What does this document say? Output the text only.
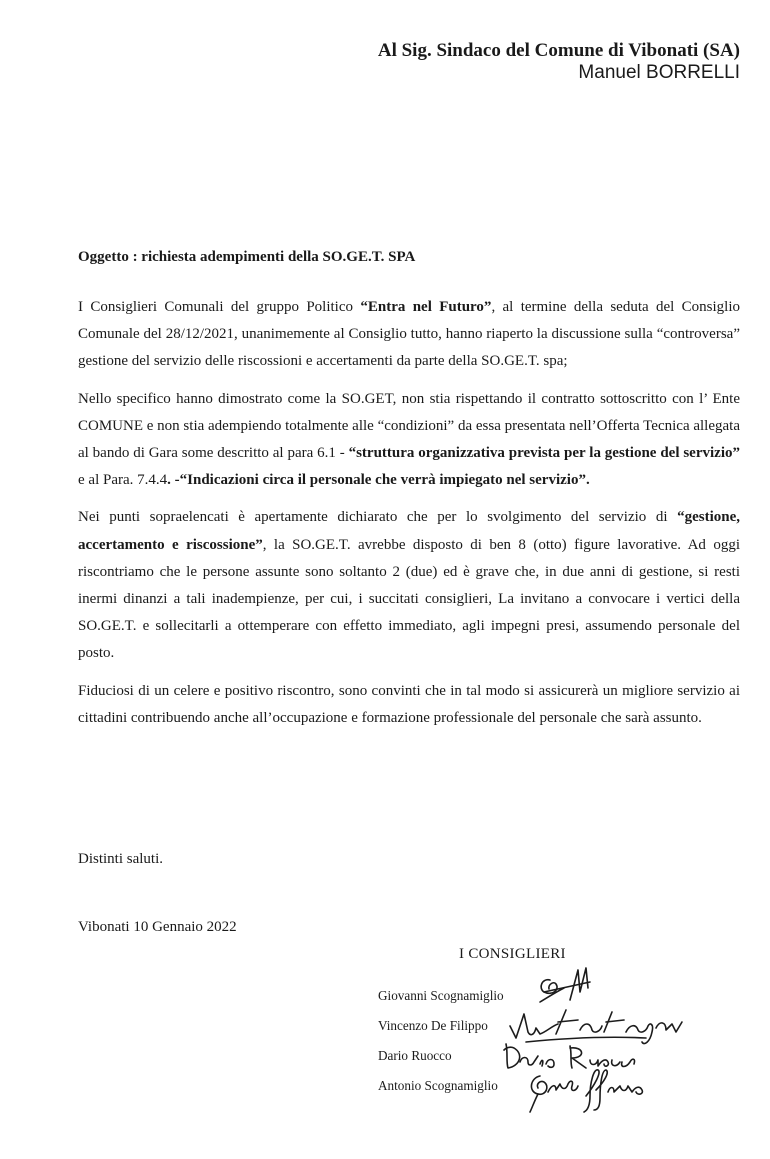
Al Sig. Sindaco del Comune di Vibonati (SA)
Manuel BORRELLI
Oggetto : richiesta adempimenti della SO.GE.T. SPA

I Consiglieri Comunali del gruppo Politico “Entra nel Futuro”, al termine della seduta del Consiglio Comunale del 28/12/2021, unanimemente al Consiglio tutto, hanno riaperto la discussione sulla “controversa” gestione del servizio delle riscossioni e accertamenti da parte della SO.GE.T. spa;

Nello specifico hanno dimostrato come la SO.GET, non stia rispettando il contratto sottoscritto con l’ Ente COMUNE e non stia adempiendo totalmente alle “condizioni” da essa presentata nell’Offerta Tecnica allegata al bando di Gara some descritto al para 6.1 - “struttura organizzativa prevista per la gestione del servizio” e al Para. 7.4.4. -“Indicazioni circa il personale che verrà impiegato nel servizio”.

Nei punti sopraelencati è apertamente dichiarato che per lo svolgimento del servizio di “gestione, accertamento e riscossione”, la SO.GE.T. avrebbe disposto di ben 8 (otto) figure lavorative. Ad oggi riscontriamo che le persone assunte sono soltanto 2 (due) ed è grave che, in due anni di gestione, si resti inermi dinanzi a tali inadempienze, per cui, i succitati consiglieri, La invitano a convocare i vertici della SO.GE.T. e sollecitarli a ottemperare con effetto immediato, agli impegni presi, assumendo personale del posto.

Fiduciosi di un celere e positivo riscontro, sono convinti che in tal modo si assicurerà un migliore servizio ai cittadini contribuendo anche all’occupazione e formazione professionale del personale che sarà assunto.

Distinti saluti.
Vibonati 10 Gennaio 2022
I CONSIGLIERI
Giovanni Scognamiglio
Vincenzo De Filippo
Dario Ruocco
Antonio Scognamiglio
